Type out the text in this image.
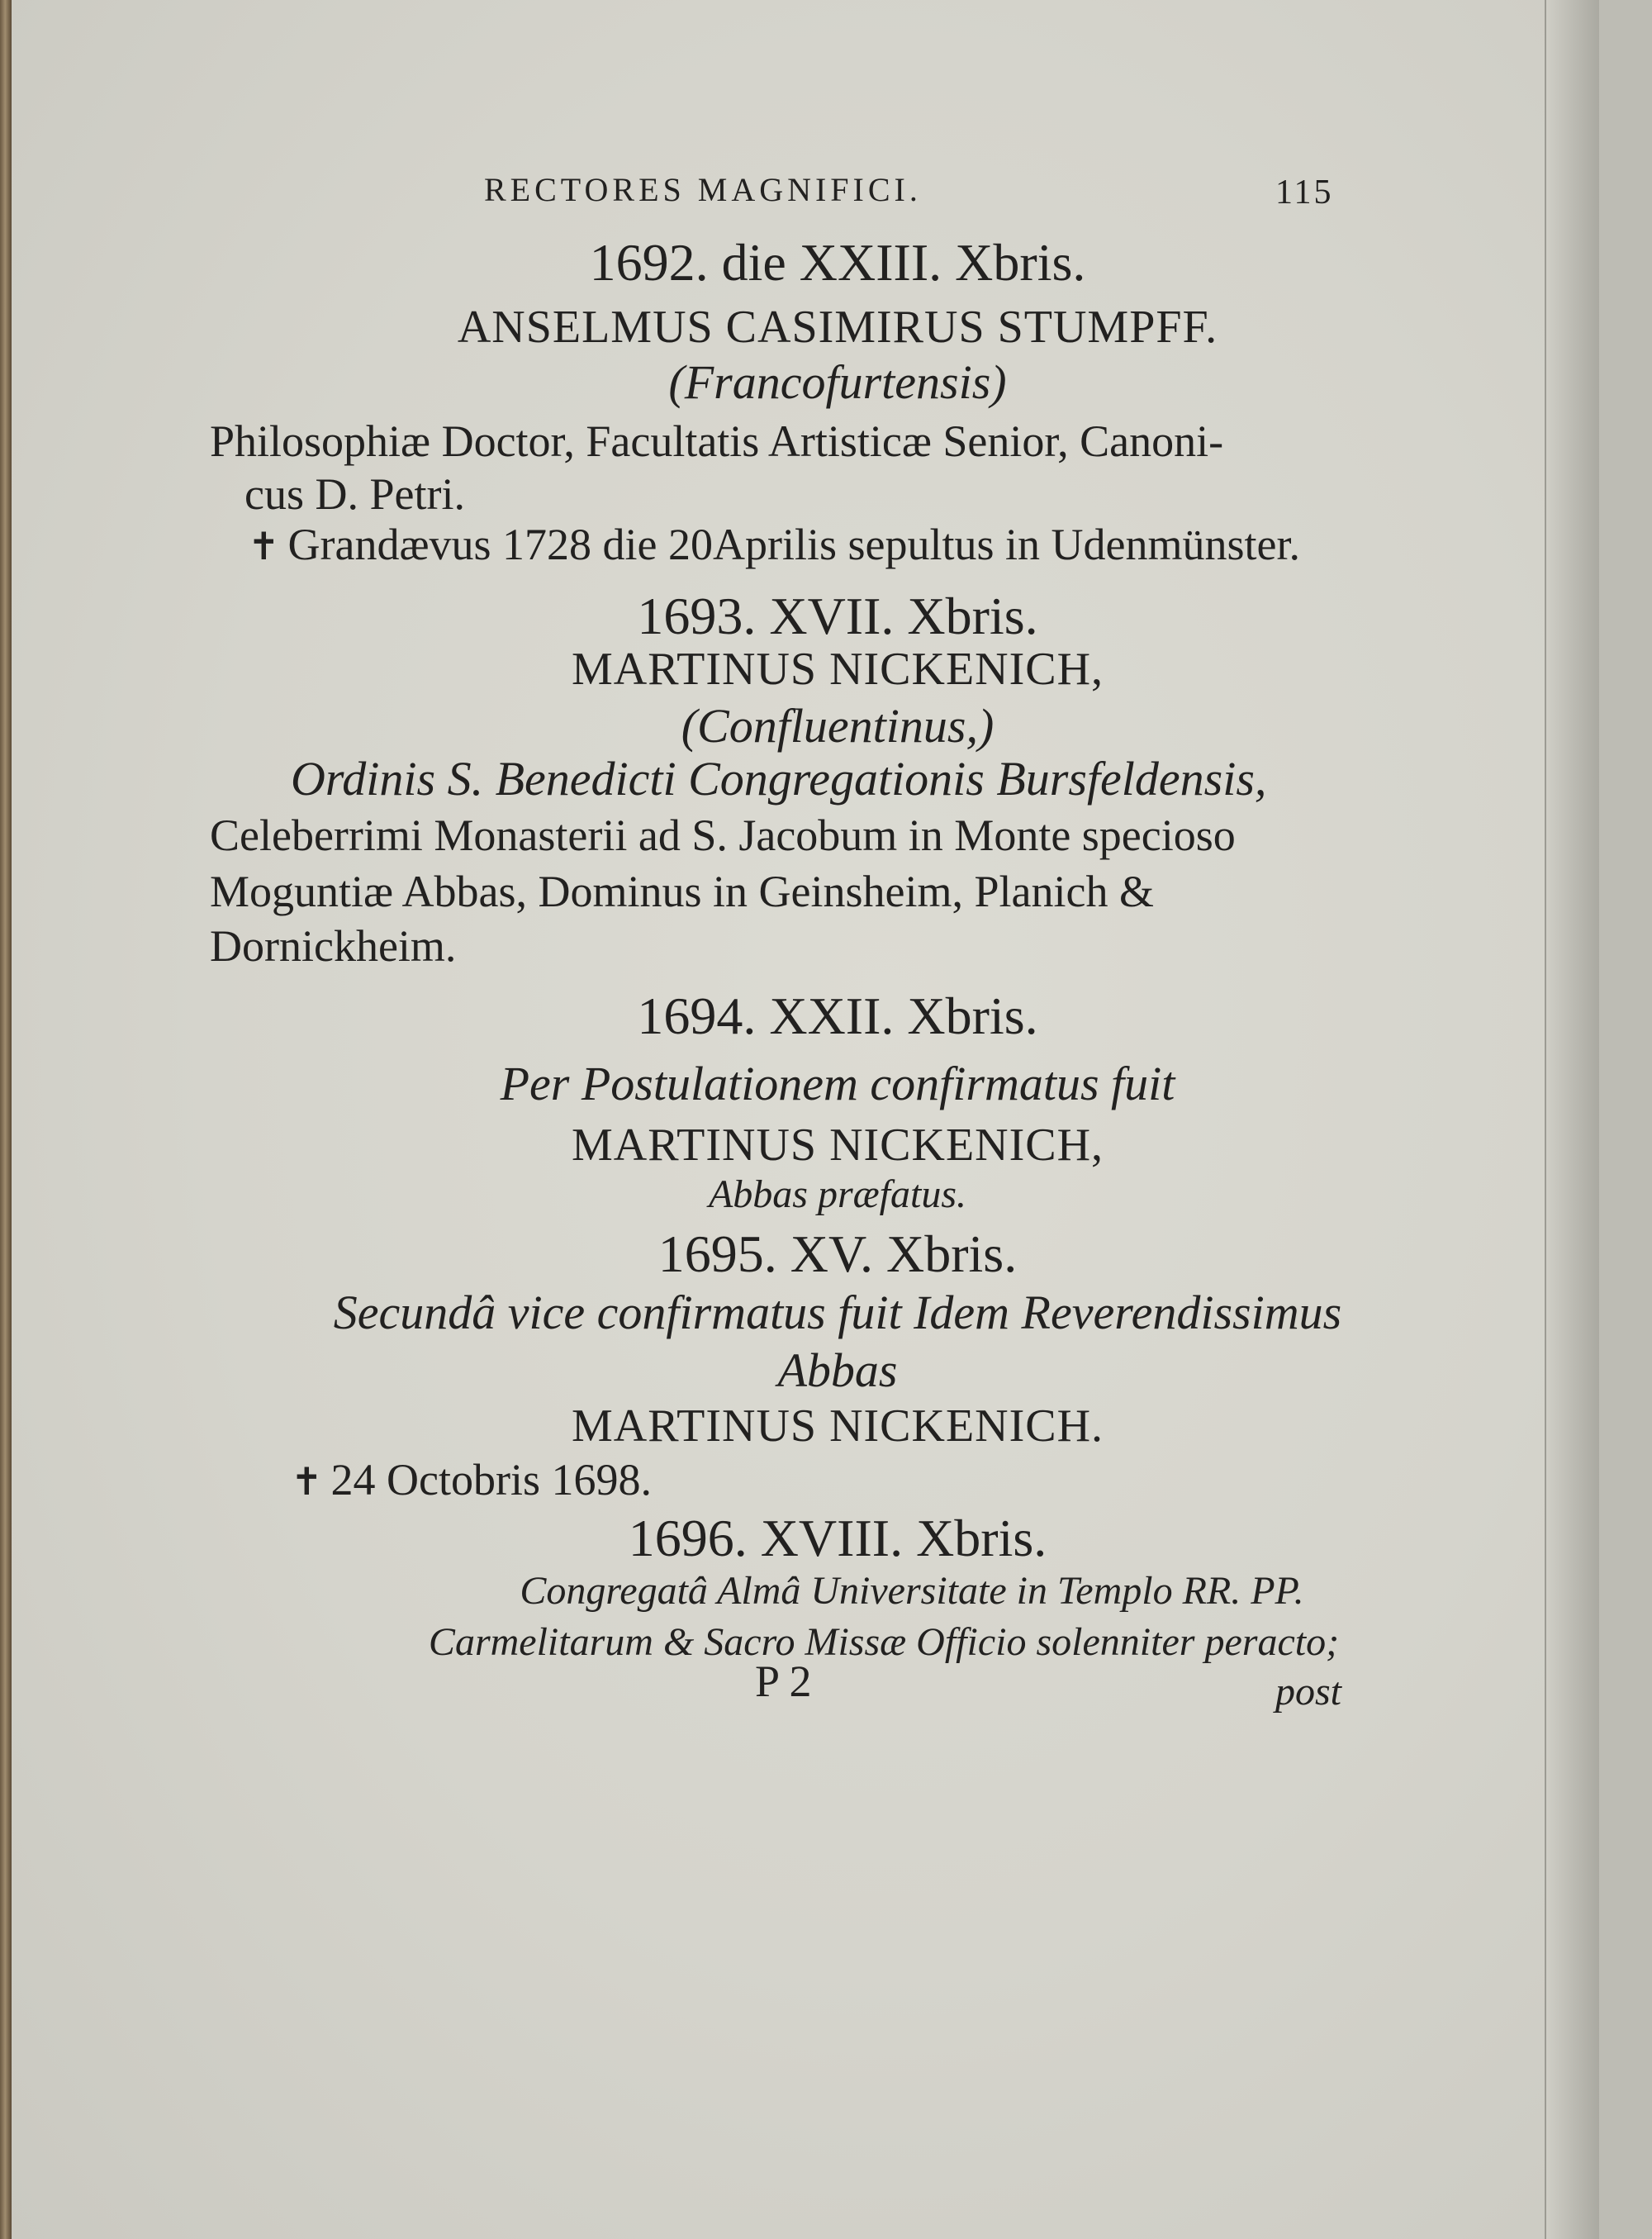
RECTORES MAGNIFICI.	115
1692. die XXIII. Xbris.
ANSELMUS CASIMIRUS STUMPFF.
(Francofurtensis)
Philosophiæ Doctor, Facultatis Artisticæ Senior, Canoni-
cus D. Petri.
✝ Grandævus 1728 die 20Aprilis sepultus in Udenmünster.
1693. XVII. Xbris.
MARTINUS NICKENICH,
(Confluentinus,)
Ordinis S. Benedicti Congregationis Bursfeldensis,
Celeberrimi Monasterii ad S. Jacobum in Monte specioso
Moguntiæ Abbas, Dominus in Geinsheim, Planich &
Dornickheim.
1694. XXII. Xbris.
Per Postulationem confirmatus fuit
MARTINUS NICKENICH,
Abbas præfatus.
1695. XV. Xbris.
Secundâ vice confirmatus fuit Idem Reverendissimus
Abbas
MARTINUS NICKENICH.
✝ 24 Octobris 1698.
1696. XVIII. Xbris.
Congregatâ Almâ Universitate in Templo RR. PP.
Carmelitarum & Sacro Missæ Officio solenniter peracto;
P 2	post
